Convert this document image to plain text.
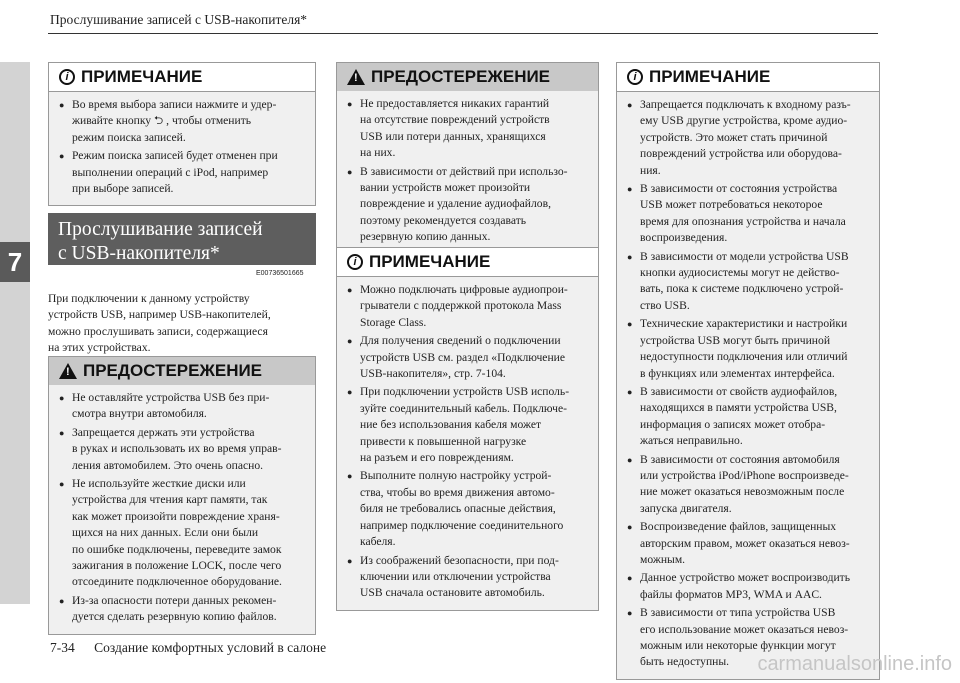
Прослушивание записей с USB-накопителя*
7
i ПРИМЕЧАНИЕ
● Во время выбора записи нажмите и удер-
живайте кнопку ⮌ , чтобы отменить
режим поиска записей.
● Режим поиска записей будет отменен при
выполнении операций с iPod, например
при выборе записей.
Прослушивание записей
с USB-накопителя*
E00736501665
При подключении к данному устройству
устройств USB, например USB-накопителей,
можно прослушивать записи, содержащиеся
на этих устройствах.
!
ПРЕДОСТЕРЕЖЕНИЕ
● Не оставляйте устройства USB без при-
смотра внутри автомобиля.
● Запрещается держать эти устройства
в руках и использовать их во время управ-
ления автомобилем. Это очень опасно.
● Не используйте жесткие диски или
устройства для чтения карт памяти, так
как может произойти повреждение храня-
щихся на них данных. Если они были
по ошибке подключены, переведите замок
зажигания в положение LOCK, после чего
отсоедините подключенное оборудование.
● Из-за опасности потери данных рекомен-
дуется сделать резервную копию файлов.
!
ПРЕДОСТЕРЕЖЕНИЕ
● Не предоставляется никаких гарантий
на отсутствие повреждений устройств
USB или потери данных, хранящихся
на них.
● В зависимости от действий при использо-
вании устройств может произойти
повреждение и удаление аудиофайлов,
поэтому рекомендуется создавать
резервную копию данных.
i ПРИМЕЧАНИЕ
● Можно подключать цифровые аудиопрои-
грыватели с поддержкой протокола Mass
Storage Class.
● Для получения сведений о подключении
устройств USB см. раздел «Подключение
USB-накопителя», стр. 7-104.
● При подключении устройств USB исполь-
зуйте соединительный кабель. Подключе-
ние без использования кабеля может
привести к повышенной нагрузке
на разъем и его повреждениям.
● Выполните полную настройку устрой-
ства, чтобы во время движения автомо-
биля не требовались опасные действия,
например подключение соединительного
кабеля.
● Из соображений безопасности, при под-
ключении или отключении устройства
USB сначала остановите автомобиль.
i ПРИМЕЧАНИЕ
● Запрещается подключать к входному разъ-
ему USB другие устройства, кроме аудио-
устройств. Это может стать причиной
повреждений устройства или оборудова-
ния.
● В зависимости от состояния устройства
USB может потребоваться некоторое
время для опознания устройства и начала
воспроизведения.
● В зависимости от модели устройства USB
кнопки аудиосистемы могут не действо-
вать, пока к системе подключено устрой-
ство USB.
● Технические характеристики и настройки
устройства USB могут быть причиной
недоступности подключения или отличий
в функциях или элементах интерфейса.
● В зависимости от свойств аудиофайлов,
находящихся в памяти устройства USB,
информация о записях может отобра-
жаться неправильно.
● В зависимости от состояния автомобиля
или устройства iPod/iPhone воспроизведе-
ние может оказаться невозможным после
запуска двигателя.
● Воспроизведение файлов, защищенных
авторским правом, может оказаться невоз-
можным.
● Данное устройство может воспроизводить
файлы форматов MP3, WMA и AAC.
● В зависимости от типа устройства USB
его использование может оказаться невоз-
можным или некоторые функции могут
быть недоступны.
7-34 Создание комфортных условий в салоне
carmanualsonline.info
